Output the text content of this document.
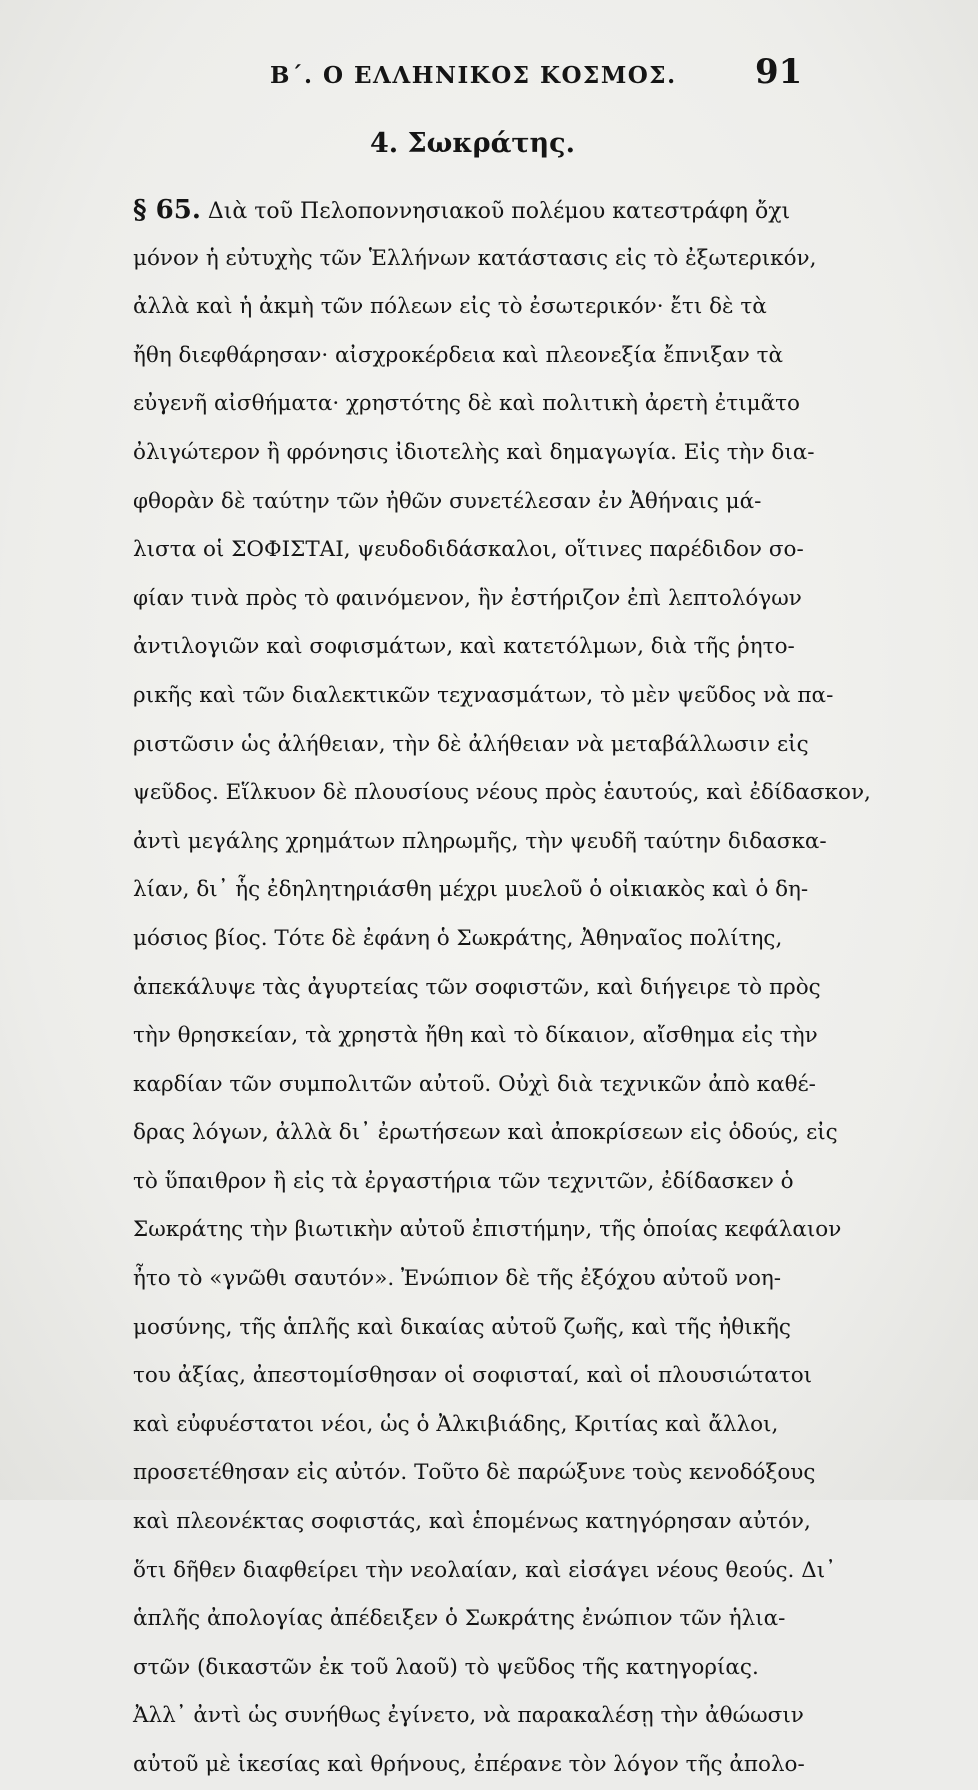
Β΄. Ο ΕΛΛΗΝΙΚΟΣ ΚΟΣΜΟΣ. 91
4. Σωκράτης.
§ 65. Διὰ τοῦ Πελοποννησιακοῦ πολέμου κατεστράφη ὄχι
μόνον ἡ εὐτυχὴς τῶν Ἑλλήνων κατάστασις εἰς τὸ ἐξωτερικόν,
ἀλλὰ καὶ ἡ ἀκμὴ τῶν πόλεων εἰς τὸ ἐσωτερικόν· ἔτι δὲ τὰ
ἤθη διεφθάρησαν· αἰσχροκέρδεια καὶ πλεονεξία ἔπνιξαν τὰ
εὐγενῆ αἰσθήματα· χρηστότης δὲ καὶ πολιτικὴ ἀρετὴ ἐτιμᾶτο
ὀλιγώτερον ἢ φρόνησις ἰδιοτελὴς καὶ δημαγωγία. Εἰς τὴν δια-
φθορὰν δὲ ταύτην τῶν ἠθῶν συνετέλεσαν ἐν Ἀθήναις μά-
λιστα οἱ ΣΟΦΙΣΤΑΙ, ψευδοδιδάσκαλοι, οἵτινες παρέδιδον σο-
φίαν τινὰ πρὸς τὸ φαινόμενον, ἣν ἐστήριζον ἐπὶ λεπτολόγων
ἀντιλογιῶν καὶ σοφισμάτων, καὶ κατετόλμων, διὰ τῆς ῥητο-
ρικῆς καὶ τῶν διαλεκτικῶν τεχνασμάτων, τὸ μὲν ψεῦδος νὰ πα-
ριστῶσιν ὡς ἀλήθειαν, τὴν δὲ ἀλήθειαν νὰ μεταβάλλωσιν εἰς
ψεῦδος. Εἵλκυον δὲ πλουσίους νέους πρὸς ἑαυτούς, καὶ ἐδίδασκον,
ἀντὶ μεγάλης χρημάτων πληρωμῆς, τὴν ψευδῆ ταύτην διδασκα-
λίαν, δι᾽ ἧς ἐδηλητηριάσθη μέχρι μυελοῦ ὁ οἰκιακὸς καὶ ὁ δη-
μόσιος βίος. Τότε δὲ ἐφάνη ὁ Σωκράτης, Ἀθηναῖος πολίτης,
ἀπεκάλυψε τὰς ἀγυρτείας τῶν σοφιστῶν, καὶ διήγειρε τὸ πρὸς
τὴν θρησκείαν, τὰ χρηστὰ ἤθη καὶ τὸ δίκαιον, αἴσθημα εἰς τὴν
καρδίαν τῶν συμπολιτῶν αὐτοῦ. Οὐχὶ διὰ τεχνικῶν ἀπὸ καθέ-
δρας λόγων, ἀλλὰ δι᾽ ἐρωτήσεων καὶ ἀποκρίσεων εἰς ὁδούς, εἰς
τὸ ὕπαιθρον ἢ εἰς τὰ ἐργαστήρια τῶν τεχνιτῶν, ἐδίδασκεν ὁ
Σωκράτης τὴν βιωτικὴν αὐτοῦ ἐπιστήμην, τῆς ὁποίας κεφάλαιον
ἦτο τὸ «γνῶθι σαυτόν». Ἐνώπιον δὲ τῆς ἐξόχου αὐτοῦ νοη-
μοσύνης, τῆς ἁπλῆς καὶ δικαίας αὐτοῦ ζωῆς, καὶ τῆς ἠθικῆς
του ἀξίας, ἀπεστομίσθησαν οἱ σοφισταί, καὶ οἱ πλουσιώτατοι
καὶ εὐφυέστατοι νέοι, ὡς ὁ Ἀλκιβιάδης, Κριτίας καὶ ἄλλοι,
προσετέθησαν εἰς αὐτόν. Τοῦτο δὲ παρώξυνε τοὺς κενοδόξους
καὶ πλεονέκτας σοφιστάς, καὶ ἑπομένως κατηγόρησαν αὐτόν,
ὅτι δῆθεν διαφθείρει τὴν νεολαίαν, καὶ εἰσάγει νέους θεούς. Δι᾽
ἁπλῆς ἀπολογίας ἀπέδειξεν ὁ Σωκράτης ἐνώπιον τῶν ἡλια-
στῶν (δικαστῶν ἐκ τοῦ λαοῦ) τὸ ψεῦδος τῆς κατηγορίας.
Ἀλλ᾽ ἀντὶ ὡς συνήθως ἐγίνετο, νὰ παρακαλέσῃ τὴν ἀθώωσιν
αὐτοῦ μὲ ἱκεσίας καὶ θρήνους, ἐπέρανε τὸν λόγον τῆς ἀπολο-
